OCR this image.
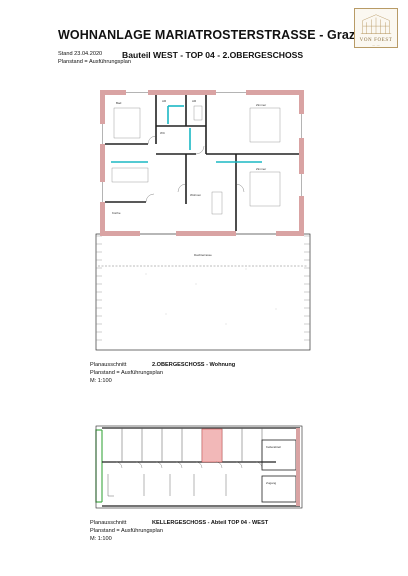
WOHNANLAGE MARIATROSTERSTRASSE - Graz
Stand 23.04.2020
Planstand = Ausführungsplan
Bauteil WEST - TOP 04 - 2.OBERGESCHOSS
VON FOEST
— · —
Bad	AR
WC
AR
Zimmer
Zimmer
Küche
Wohnen
Dachterrasse
Planausschnitt	2.OBERGESCHOSS - Wohnung
Planstand = Ausführungsplan
M: 1:100
Kellerabteil
Zugang
Planausschnitt	KELLERGESCHOSS - Abteil TOP 04 - WEST
Planstand = Ausführungsplan
M: 1:100
